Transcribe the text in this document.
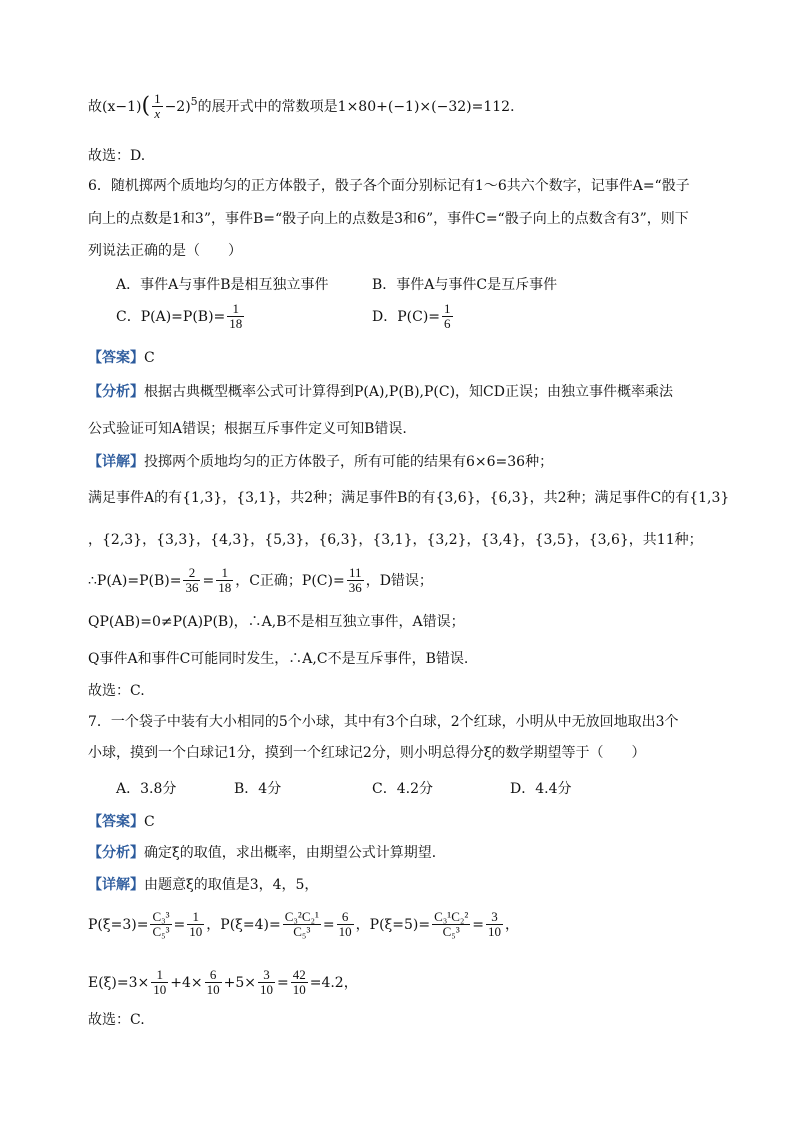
故$(x-1)( \frac{1}{x} -2)^5$的展开式中的常数项是1×80+(−1)×(−32)=112．
故选：D.
6．随机掷两个质地均匀的正方体骰子，骰子各个面分别标记有1～6共六个数字，记事件A=“骰子
向上的点数是1和3”，事件B=“骰子向上的点数是3和6”，事件C=“骰子向上的点数含有3”，则下
列说法正确的是（　　）
A．事件A与事件B是相互独立事件	B．事件A与事件C是互斥事件
C．$P(A)=P(B)= \frac{1}{18}$	D．$P(C)= \frac{1}{6}$
【答案】C
【分析】根据古典概型概率公式可计算得到P(A),P(B),P(C)，知CD正误；由独立事件概率乘法
公式验证可知A错误；根据互斥事件定义可知B错误.
【详解】投掷两个质地均匀的正方体骰子，所有可能的结果有6×6=36种；
满足事件A的有{1,3}，{3,1}，共2种；满足事件B的有{3,6}，{6,3}，共2种；满足事件C的有{1,3}
，{2,3}，{3,3}，{4,3}，{5,3}，{6,3}，{3,1}，{3,2}，{3,4}，{3,5}，{3,6}，共11种；
∴P(A)=P(B)= $\frac{2}{36} = \frac{1}{18}$ ，C正确；$P(C)= \frac{11}{36}$ ，D错误；
QP(AB)=0≠P(A)P(B)，∴A,B不是相互独立事件，A错误；
Q事件A和事件C可能同时发生，∴A,C不是互斥事件，B错误.
故选：C.
7．一个袋子中装有大小相同的5个小球，其中有3个白球，2个红球，小明从中无放回地取出3个
小球，摸到一个白球记1分，摸到一个红球记2分，则小明总得分ξ的数学期望等于（　　）
A．3.8分	B．4分	C．4.2分	D．4.4分
【答案】C
【分析】确定ξ的取值，求出概率，由期望公式计算期望．
【详解】由题意ξ的取值是3，4，5，
$P(\xi=3)= \frac{\text{C₃³}}{\text{C₅³}} = \frac{1}{10}$ ，$P(\xi=4)= \frac{\text{C₃²C₂¹}}{\text{C₅³}} = \frac{6}{10}$ ，$P(\xi=5)= \frac{\text{C₃¹C₂²}}{\text{C₅³}} = \frac{3}{10}$ ，
$E(\xi)=3\times \frac{1}{10} +4\times \frac{6}{10} +5\times \frac{3}{10} = \frac{42}{10} =4.2$，
故选：C.
